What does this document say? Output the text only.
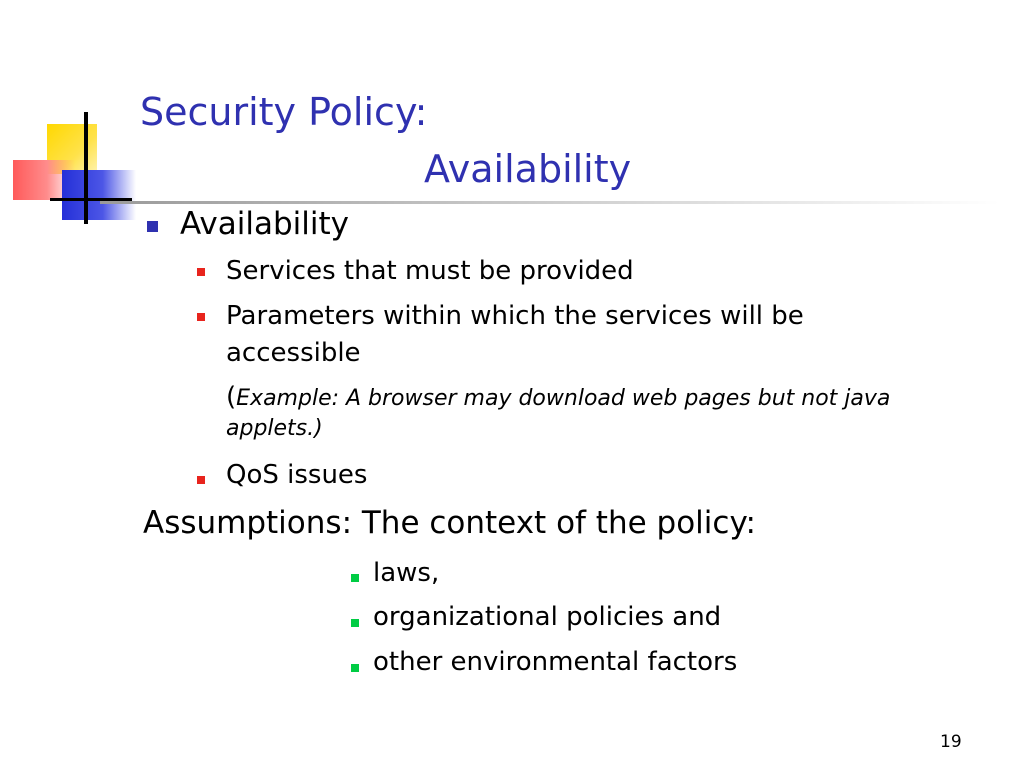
Security Policy:
Availability
Availability
Services that must be provided
Parameters within which the services will be
accessible
(Example: A browser may download web pages but not java
applets.)
QoS issues
Assumptions: The context of the policy:
laws,
organizational policies and
other environmental factors
19
